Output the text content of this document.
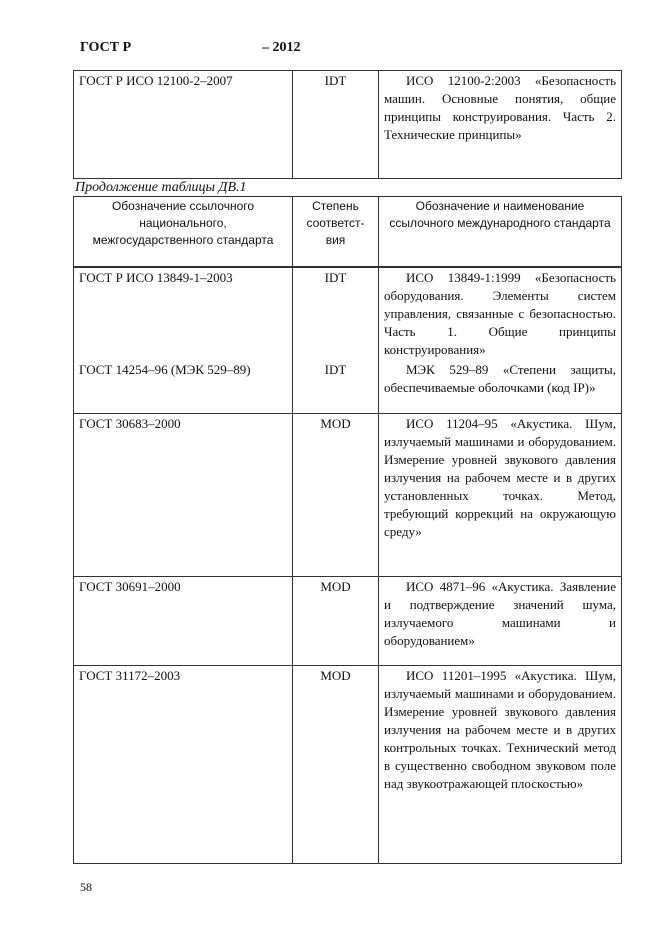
ГОСТ Р	– 2012
ГОСТ Р ИСО 12100-2–2007	IDT	ИСО 12100-2:2003 «Безопасность машин. Основные понятия, общие принципы конструирования. Часть 2. Технические принципы»
Продолжение таблицы ДВ.1
Обозначение ссылочного национального, межгосударственного стандарта	Степень соответст-вия	Обозначение и наименование ссылочного международного стандарта
ГОСТ Р ИСО 13849-1–2003	IDT	ИСО 13849-1:1999 «Безопасность оборудования. Элементы систем управления, связанные с безопасностью. Часть 1. Общие принципы конструирования»
ГОСТ 14254–96 (МЭК 529–89)	IDT	МЭК 529–89 «Степени защиты, обеспечиваемые оболочками (код IP)»
ГОСТ 30683–2000	MOD	ИСО 11204–95 «Акустика. Шум, излучаемый машинами и оборудованием. Измерение уровней звукового давления излучения на рабочем месте и в других установленных точках. Метод, требующий коррекций на окружающую среду»
ГОСТ 30691–2000	MOD	ИСО 4871–96 «Акустика. Заявление и подтверждение значений шума, излучаемого машинами и оборудованием»
ГОСТ 31172–2003	MOD	ИСО 11201–1995 «Акустика. Шум, излучаемый машинами и оборудованием. Измерение уровней звукового давления излучения на рабочем месте и в других контрольных точках. Технический метод в существенно свободном звуковом поле над звукоотражающей плоскостью»
58
